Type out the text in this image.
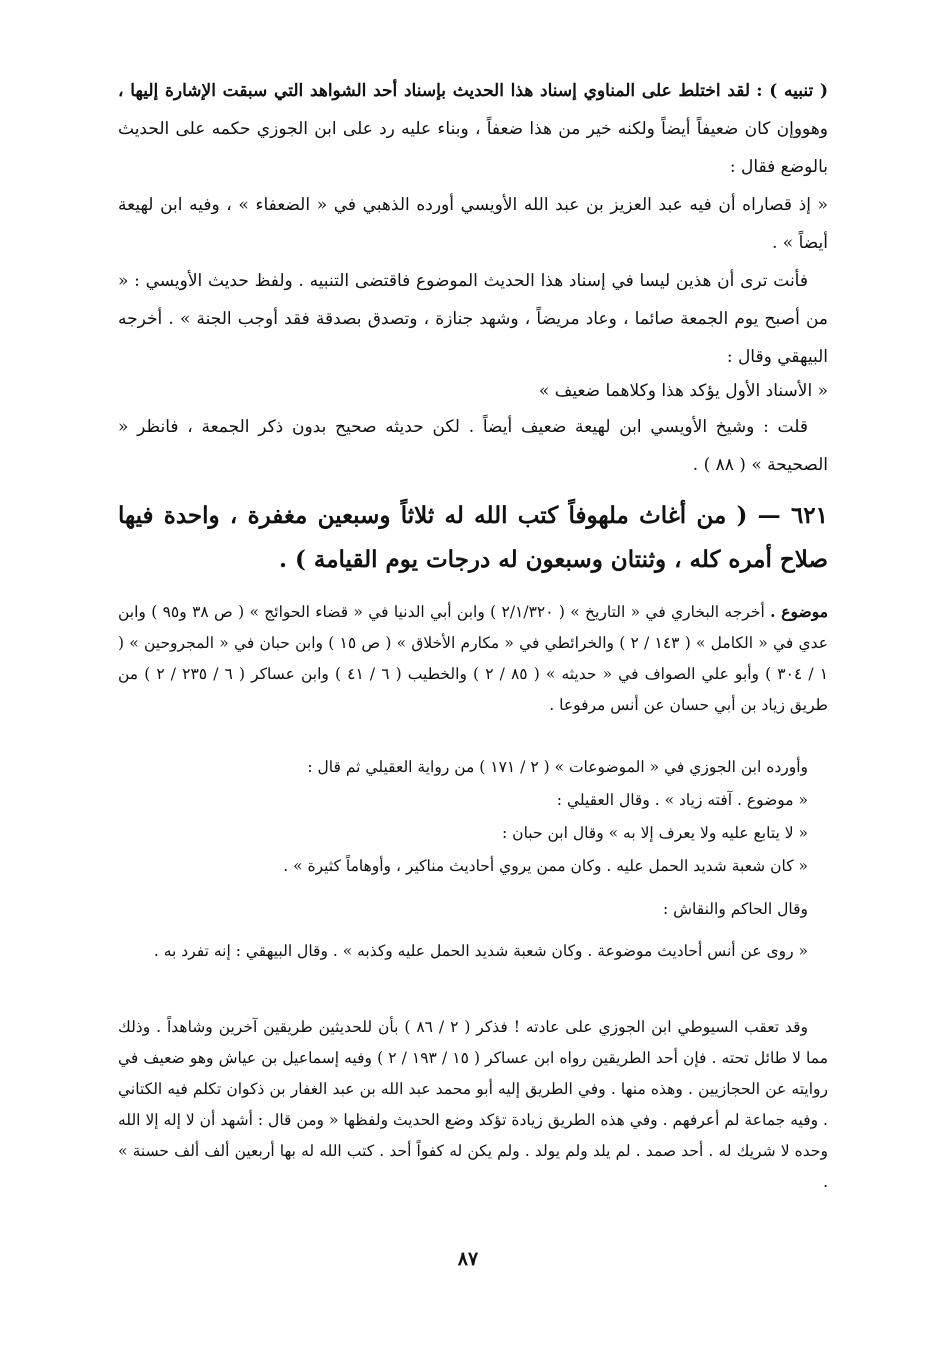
( تنبيه ) : لقد اختلط على المناوي إسناد هذا الحديث بإسناد أحد الشواهد التي سبقت الإشارة إليها ، وهووإن كان ضعيفاً أيضاً ولكنه خير من هذا ضعفاً ، وبناء عليه رد على ابن الجوزي حكمه على الحديث بالوضع فقال :
« إذ قصاراه أن فيه عبد العزيز بن عبد الله الأويسي أورده الذهبي في « الضعفاء » ، وفيه ابن لهيعة أيضاً » .
فأنت ترى أن هذين ليسا في إسناد هذا الحديث الموضوع فاقتضى التنبيه . ولفظ حديث الأويسي : « من أصبح يوم الجمعة صائما ، وعاد مريضاً ، وشهد جنازة ، وتصدق بصدقة فقد أوجب الجنة » . أخرجه البيهقي وقال :
« الأسناد الأول يؤكد هذا وكلاهما ضعيف »
قلت : وشيخ الأويسي ابن لهيعة ضعيف أيضاً . لكن حديثه صحيح بدون ذكر الجمعة ، فانظر « الصحيحة » ( ٨٨ ) .
٦٢١ — ( من أغاث ملهوفاً كتب الله له ثلاثاً وسبعين مغفرة ، واحدة فيها صلاح أمره كله ، وثنتان وسبعون له درجات يوم القيامة ) .
موضوع . أخرجه البخاري في « التاريخ » ( ٢/١/٣٢٠ ) وابن أبي الدنيا في « قضاء الحوائج » ( ص ٣٨ و٩٥ ) وابن عدي في « الكامل » ( ١٤٣ / ٢ ) والخرائطي في « مكارم الأخلاق » ( ص ١٥ ) وابن حبان في « المجروحين » ( ١ / ٣٠٤ ) وأبو علي الصواف في « حديثه » ( ٨٥ / ٢ ) والخطيب ( ٦ / ٤١ ) وابن عساكر ( ٦ / ٢٣٥ / ٢ ) من طريق زياد بن أبي حسان عن أنس مرفوعا .
وأورده ابن الجوزي في « الموضوعات » ( ٢ / ١٧١ ) من رواية العقيلي ثم قال :
« موضوع . آفته زياد » . وقال العقيلي :
« لا يتابع عليه ولا يعرف إلا به » وقال ابن حبان :
« كان شعبة شديد الحمل عليه . وكان ممن يروي أحاديث مناكير ، وأوهاماً كثيرة » .
وقال الحاكم والنقاش :
« روى عن أنس أحاديث موضوعة . وكان شعبة شديد الحمل عليه وكذبه » . وقال البيهقي : إنه تفرد به .
وقد تعقب السيوطي ابن الجوزي على عادته ! فذكر ( ٢ / ٨٦ ) بأن للحديثين طريقين آخرين وشاهداً . وذلك مما لا طائل تحته . فإن أحد الطريقين رواه ابن عساكر ( ١٥ / ١٩٣ / ٢ ) وفيه إسماعيل بن عياش وهو ضعيف في روايته عن الحجازيين . وهذه منها . وفي الطريق إليه أبو محمد عبد الله بن عبد الغفار بن ذكوان تكلم فيه الكتاني . وفيه جماعة لم أعرفهم . وفي هذه الطريق زيادة تؤكد وضع الحديث ولفظها « ومن قال : أشهد أن لا إله إلا الله وحده لا شريك له . أحد صمد . لم يلد ولم يولد . ولم يكن له كفواً أحد . كتب الله له بها أربعين ألف ألف حسنة » .
٨٧
